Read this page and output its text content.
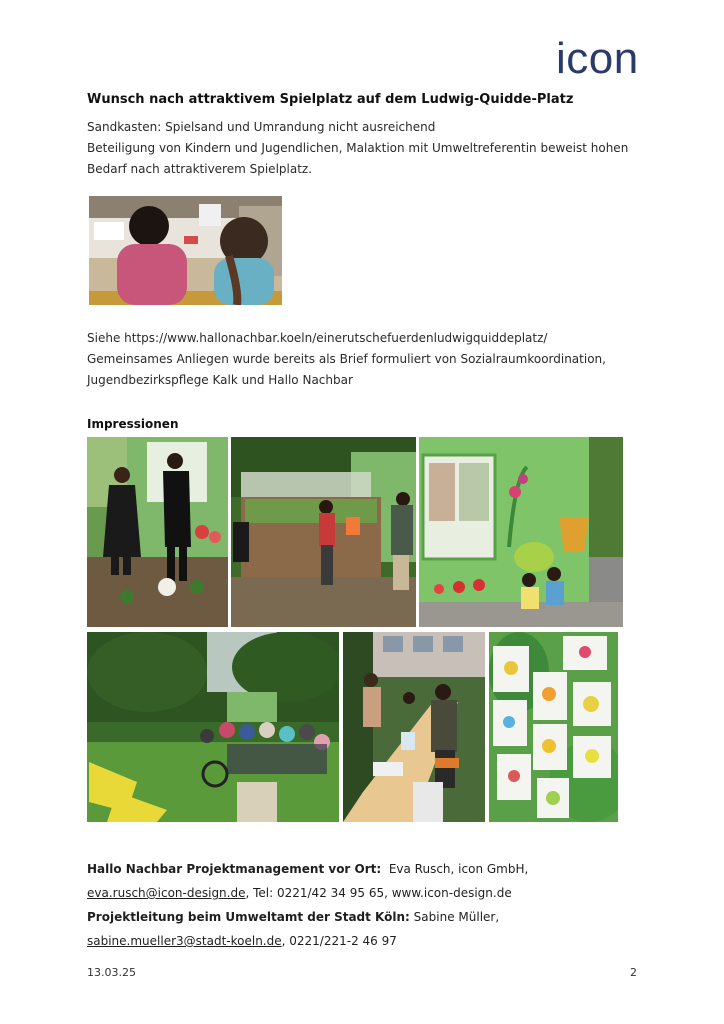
icon
Wunsch nach attraktivem Spielplatz auf dem Ludwig-Quidde-Platz

Sandkasten: Spielsand und Umrandung nicht ausreichend

Beteiligung von Kindern und Jugendlichen, Malaktion mit Umweltreferentin beweist hohen

Bedarf nach attraktiverem Spielplatz.

Siehe https://www.hallonachbar.koeln/einerutschefuerdenludwigquiddeplatz/

Gemeinsames Anliegen wurde bereits als Brief formuliert von Sozialraumkoordination,

Jugendbezirkspflege Kalk und Hallo Nachbar

Impressionen

Hallo Nachbar Projektmanagement vor Ort: Eva Rusch, icon GmbH,

eva.rusch@icon-design.de, Tel: 0221/42 34 95 65, www.icon-design.de

Projektleitung beim Umweltamt der Stadt Köln: Sabine Müller,

sabine.mueller3@stadt-koeln.de, 0221/221-2 46 97

13.03.25	2
